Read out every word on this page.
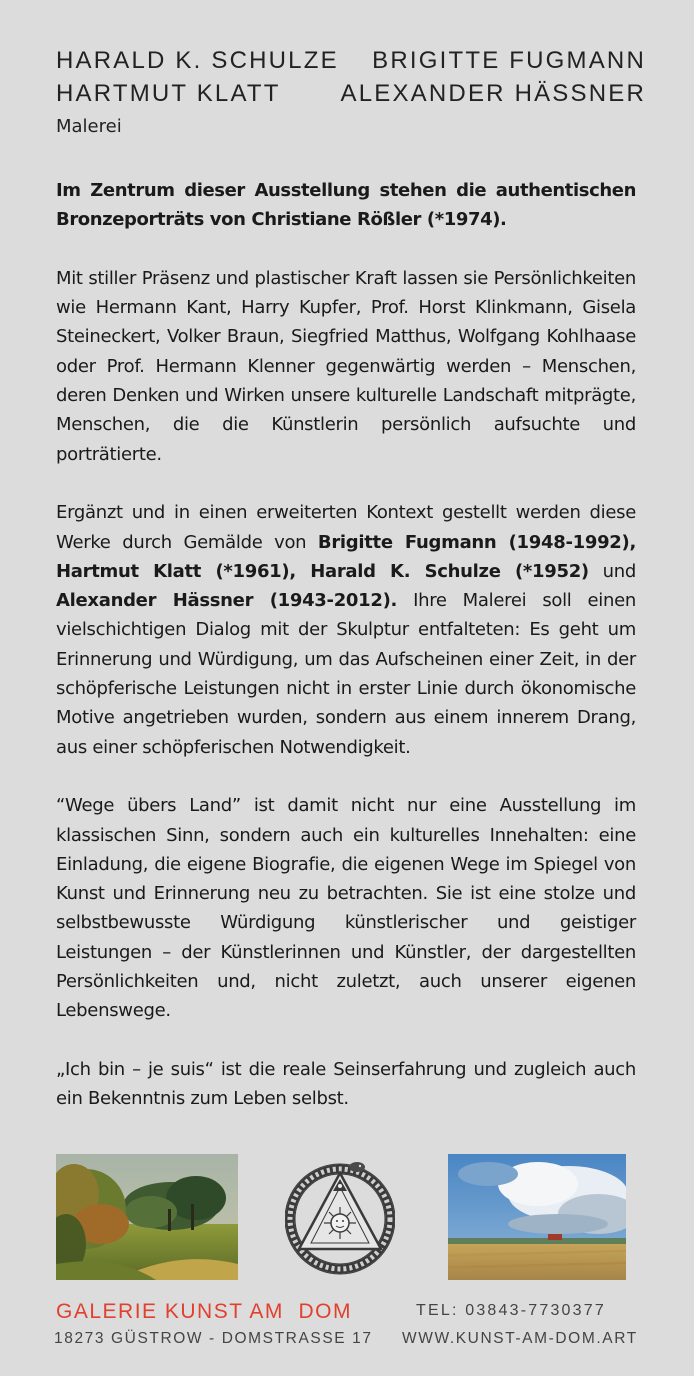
HARALD K. SCHULZE BRIGITTE FUGMANN
HARTMUT KLATT ALEXANDER HÄSSNER
Malerei

Im Zentrum dieser Ausstellung stehen die authentischen Bronzeporträts von Christiane Rößler (*1974).

Mit stiller Präsenz und plastischer Kraft lassen sie Persönlichkeiten wie Hermann Kant, Harry Kupfer, Prof. Horst Klinkmann, Gisela Steineckert, Volker Braun, Siegfried Matthus, Wolfgang Kohlhaase oder Prof. Hermann Klenner gegenwärtig werden – Menschen, deren Denken und Wirken unsere kulturelle Landschaft mitprägte, Menschen, die die Künstlerin persönlich aufsuchte und porträtierte.

Ergänzt und in einen erweiterten Kontext gestellt werden diese Werke durch Gemälde von Brigitte Fugmann (1948-1992), Hartmut Klatt (*1961), Harald K. Schulze (*1952) und Alexander Hässner (1943-2012). Ihre Malerei soll einen vielschichtigen Dialog mit der Skulptur entfalteten: Es geht um Erinnerung und Würdigung, um das Aufscheinen einer Zeit, in der schöpferische Leistungen nicht in erster Linie durch ökonomische Motive angetrieben wurden, sondern aus einem innerem Drang, aus einer schöpferischen Notwendigkeit.

“Wege übers Land” ist damit nicht nur eine Ausstellung im klassischen Sinn, sondern auch ein kulturelles Innehalten: eine Einladung, die eigene Biografie, die eigenen Wege im Spiegel von Kunst und Erinnerung neu zu betrachten. Sie ist eine stolze und selbstbewusste Würdigung künstlerischer und geistiger Leistungen – der Künstlerinnen und Künstler, der dargestellten Persönlichkeiten und, nicht zuletzt, auch unserer eigenen Lebenswege.

„Ich bin – je suis“ ist die reale Seinserfahrung und zugleich auch ein Bekenntnis zum Leben selbst.

GALERIE KUNST AM  DOM
18273 GÜSTROW - DOMSTRASSE 17
TEL: 03843-7730377
WWW.KUNST-AM-DOM.ART
